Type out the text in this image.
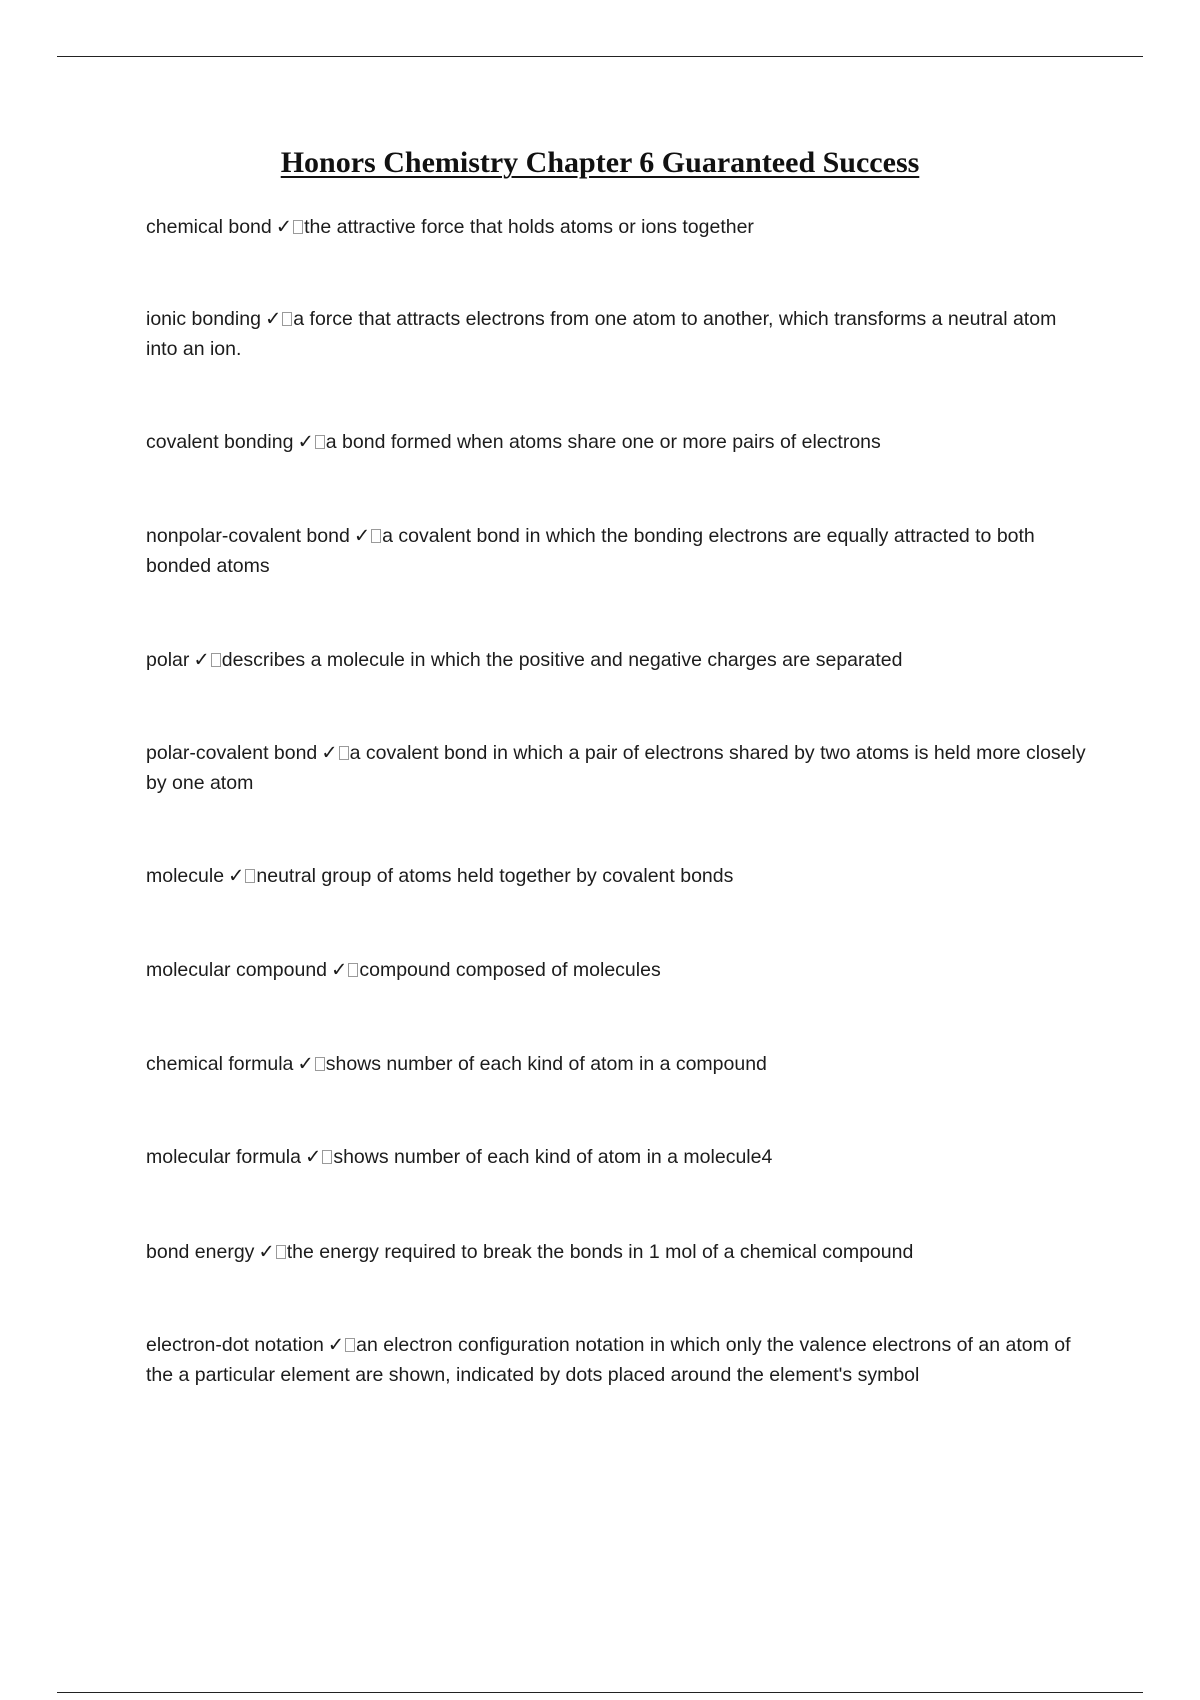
Honors Chemistry Chapter 6 Guaranteed Success
chemical bond ✓ the attractive force that holds atoms or ions together
ionic bonding ✓ a force that attracts electrons from one atom to another, which transforms a neutral atom into an ion.
covalent bonding ✓ a bond formed when atoms share one or more pairs of electrons
nonpolar-covalent bond ✓ a covalent bond in which the bonding electrons are equally attracted to both bonded atoms
polar ✓ describes a molecule in which the positive and negative charges are separated
polar-covalent bond ✓ a covalent bond in which a pair of electrons shared by two atoms is held more closely by one atom
molecule ✓ neutral group of atoms held together by covalent bonds
molecular compound ✓ compound composed of molecules
chemical formula ✓ shows number of each kind of atom in a compound
molecular formula ✓ shows number of each kind of atom in a molecule4
bond energy ✓ the energy required to break the bonds in 1 mol of a chemical compound
electron-dot notation ✓ an electron configuration notation in which only the valence electrons of an atom of the a particular element are shown, indicated by dots placed around the element's symbol
